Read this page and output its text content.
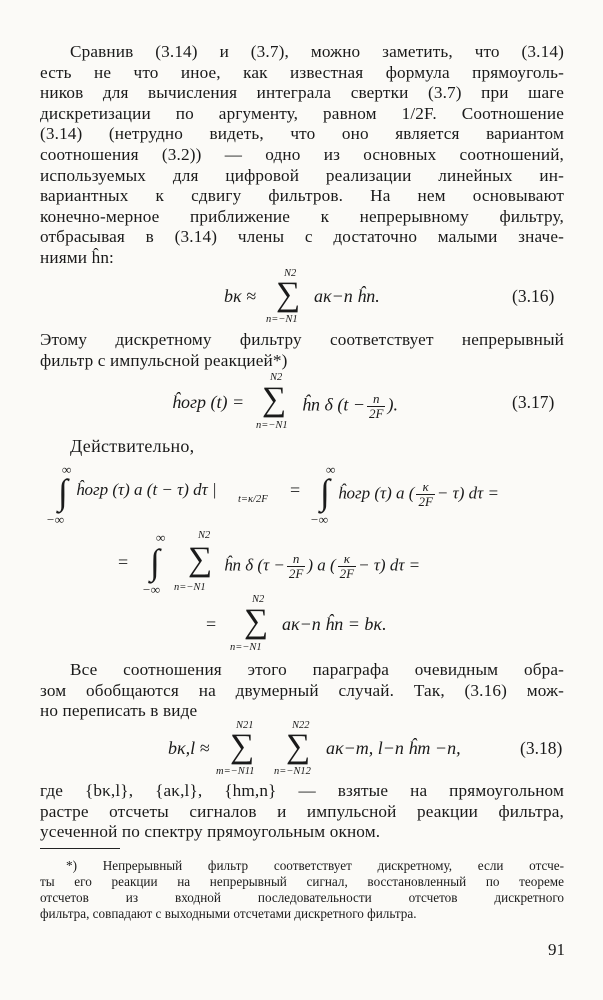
Сравнив (3.14) и (3.7), можно заметить, что (3.14)
есть не что иное, как известная формула прямоуголь-
ников для вычисления интеграла свертки (3.7) при шаге
дискретизации по аргументу, равном 1/2F. Соотношение
(3.14) (нетрудно видеть, что оно является вариантом
соотношения (3.2)) — одно из основных соотношений,
используемых для цифровой реализации линейных ин-
вариантных к сдвигу фильтров. На нем основывают
конечно-мерное приближение к непрерывному фильтру,
отбрасывая в (3.14) члены с достаточно малыми значе-
ниями ĥn:
bκ ≈
N2
∑
n=−N1
aκ−n ĥn.	(3.16)
Этому дискретному фильтру соответствует непрерывный
фильтр с импульсной реакцией*)
ĥогр (t) =
N2
∑
n=−N1
ĥn δ ($t - \frac{n}{2F}$ ).	(3.17)
Действительно,
∞
∫
−∞
ĥогр (τ) a (t − τ) dτ |
t=κ/2F =
∞
∫
−∞
ĥогр (τ) a ( $\frac{\kappa}{2F} - \tau$) dτ =
=
∞
∫
−∞
N2
∑
n=−N1
ĥn δ ($\tau - \frac{n}{2F}$ ) a ( $\frac{\kappa}{2F} - \tau$) dτ =
=
N2
∑
n=−N1
aκ−n ĥn = bκ.
Все соотношения этого параграфа очевидным обра-
зом обобщаются на двумерный случай. Так, (3.16) мож-
но переписать в виде
bκ,l ≈
N21
∑
m=−N11
N22
∑
n=−N12
aκ−m, l−n ĥm −n,	(3.18)
где {bκ,l}, {aκ,l}, {hm,n} — взятые на прямоугольном
растре отсчеты сигналов и импульсной реакции фильтра,
усеченной по спектру прямоугольным окном.
*) Непрерывный фильтр соответствует дискретному, если отсче-
ты его реакции на непрерывный сигнал, восстановленный по теореме
отсчетов из входной последовательности отсчетов дискретного
фильтра, совпадают с выходными отсчетами дискретного фильтра.
91
